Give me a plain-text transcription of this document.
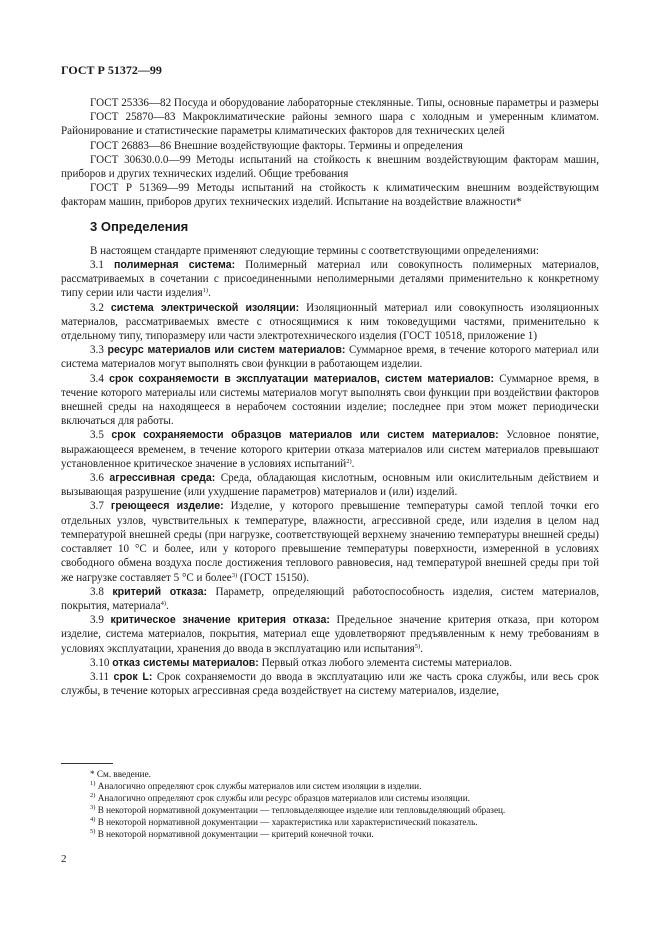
ГОСТ Р 51372—99

ГОСТ 25336—82 Посуда и оборудование лабораторные стеклянные. Типы, основные параметры и размеры

ГОСТ 25870—83 Макроклиматические районы земного шара с холодным и умеренным климатом. Районирование и статистические параметры климатических факторов для технических целей

ГОСТ 26883—86 Внешние воздействующие факторы. Термины и определения

ГОСТ 30630.0.0—99 Методы испытаний на стойкость к внешним воздействующим факторам машин, приборов и других технических изделий. Общие требования

ГОСТ Р 51369—99 Методы испытаний на стойкость к климатическим внешним воздействующим факторам машин, приборов других технических изделий. Испытание на воздействие влажности*

3 Определения

В настоящем стандарте применяют следующие термины с соответствующими определениями:

3.1 полимерная система: Полимерный материал или совокупность полимерных материалов, рассматриваемых в сочетании с присоединенными неполимерными деталями применительно к конкретному типу серии или части изделия$^{1)}$.

3.2 система электрической изоляции: Изоляционный материал или совокупность изоляционных материалов, рассматриваемых вместе с относящимися к ним токоведущими частями, применительно к отдельному типу, типоразмеру или части электротехнического изделия (ГОСТ 10518, приложение 1)

3.3 ресурс материалов или систем материалов: Суммарное время, в течение которого материал или система материалов могут выполнять свои функции в работающем изделии.

3.4 срок сохраняемости в эксплуатации материалов, систем материалов: Суммарное время, в течение которого материалы или системы материалов могут выполнять свои функции при воздействии факторов внешней среды на находящееся в нерабочем состоянии изделие; последнее при этом может периодически включаться для работы.

3.5 срок сохраняемости образцов материалов или систем материалов: Условное понятие, выражающееся временем, в течение которого критерии отказа материалов или систем материалов превышают установленное критическое значение в условиях испытаний$^{2)}$.

3.6 агрессивная среда: Среда, обладающая кислотным, основным или окислительным действием и вызывающая разрушение (или ухудшение параметров) материалов и (или) изделий.

3.7 греющееся изделие: Изделие, у которого превышение температуры самой теплой точки его отдельных узлов, чувствительных к температуре, влажности, агрессивной среде, или изделия в целом над температурой внешней среды (при нагрузке, соответствующей верхнему значению температуры внешней среды) составляет 10 °С и более, или у которого превышение температуры поверхности, измеренной в условиях свободного обмена воздуха после достижения теплового равновесия, над температурой внешней среды при той же нагрузке составляет 5 °С и более$^{3)}$ (ГОСТ 15150).

3.8 критерий отказа: Параметр, определяющий работоспособность изделия, систем материалов, покрытия, материала$^{4)}$.

3.9 критическое значение критерия отказа: Предельное значение критерия отказа, при котором изделие, система материалов, покрытия, материал еще удовлетворяют предъявленным к нему требованиям в условиях эксплуатации, хранения до ввода в эксплуатацию или испытания$^{5)}$.

3.10 отказ системы материалов: Первый отказ любого элемента системы материалов.

3.11 срок L: Срок сохраняемости до ввода в эксплуатацию или же часть срока службы, или весь срок службы, в течение которых агрессивная среда воздействует на систему материалов, изделие,

* См. введение.
$^{1)}$ Аналогично определяют срок службы материалов или систем изоляции в изделии.
$^{2)}$ Аналогично определяют срок службы или ресурс образцов материалов или системы изоляции.
$^{3)}$ В некоторой нормативной документации — тепловыделяющее изделие или тепловыделяющий образец.
$^{4)}$ В некоторой нормативной документации — характеристика или характеристический показатель.
$^{5)}$ В некоторой нормативной документации — критерий конечной точки.
2
